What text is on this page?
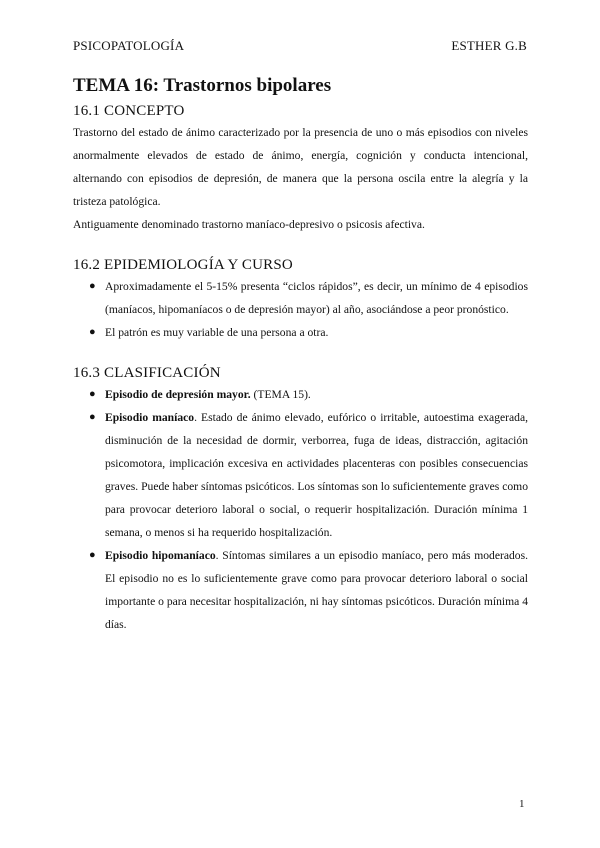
PSICOPATOLOGÍA	ESTHER G.B
TEMA 16: Trastornos bipolares
16.1 CONCEPTO

Trastorno del estado de ánimo caracterizado por la presencia de uno o más episodios con niveles anormalmente elevados de estado de ánimo, energía, cognición y conducta intencional, alternando con episodios de depresión, de manera que la persona oscila entre la alegría y la tristeza patológica.

Antiguamente denominado trastorno maníaco-depresivo o psicosis afectiva.

16.2 EPIDEMIOLOGÍA Y CURSO
● Aproximadamente el 5-15% presenta “ciclos rápidos”, es decir, un mínimo de 4 episodios (maníacos, hipomaníacos o de depresión mayor) al año, asociándose a peor pronóstico.
● El patrón es muy variable de una persona a otra.
16.3 CLASIFICACIÓN
● Episodio de depresión mayor. (TEMA 15).
● Episodio maníaco. Estado de ánimo elevado, eufórico o irritable, autoestima exagerada, disminución de la necesidad de dormir, verborrea, fuga de ideas, distracción, agitación psicomotora, implicación excesiva en actividades placenteras con posibles consecuencias graves. Puede haber síntomas psicóticos. Los síntomas son lo suficientemente graves como para provocar deterioro laboral o social, o requerir hospitalización. Duración mínima 1 semana, o menos si ha requerido hospitalización.
● Episodio hipomaníaco. Síntomas similares a un episodio maníaco, pero más moderados. El episodio no es lo suficientemente grave como para provocar deterioro laboral o social importante o para necesitar hospitalización, ni hay síntomas psicóticos. Duración mínima 4 días.
1
